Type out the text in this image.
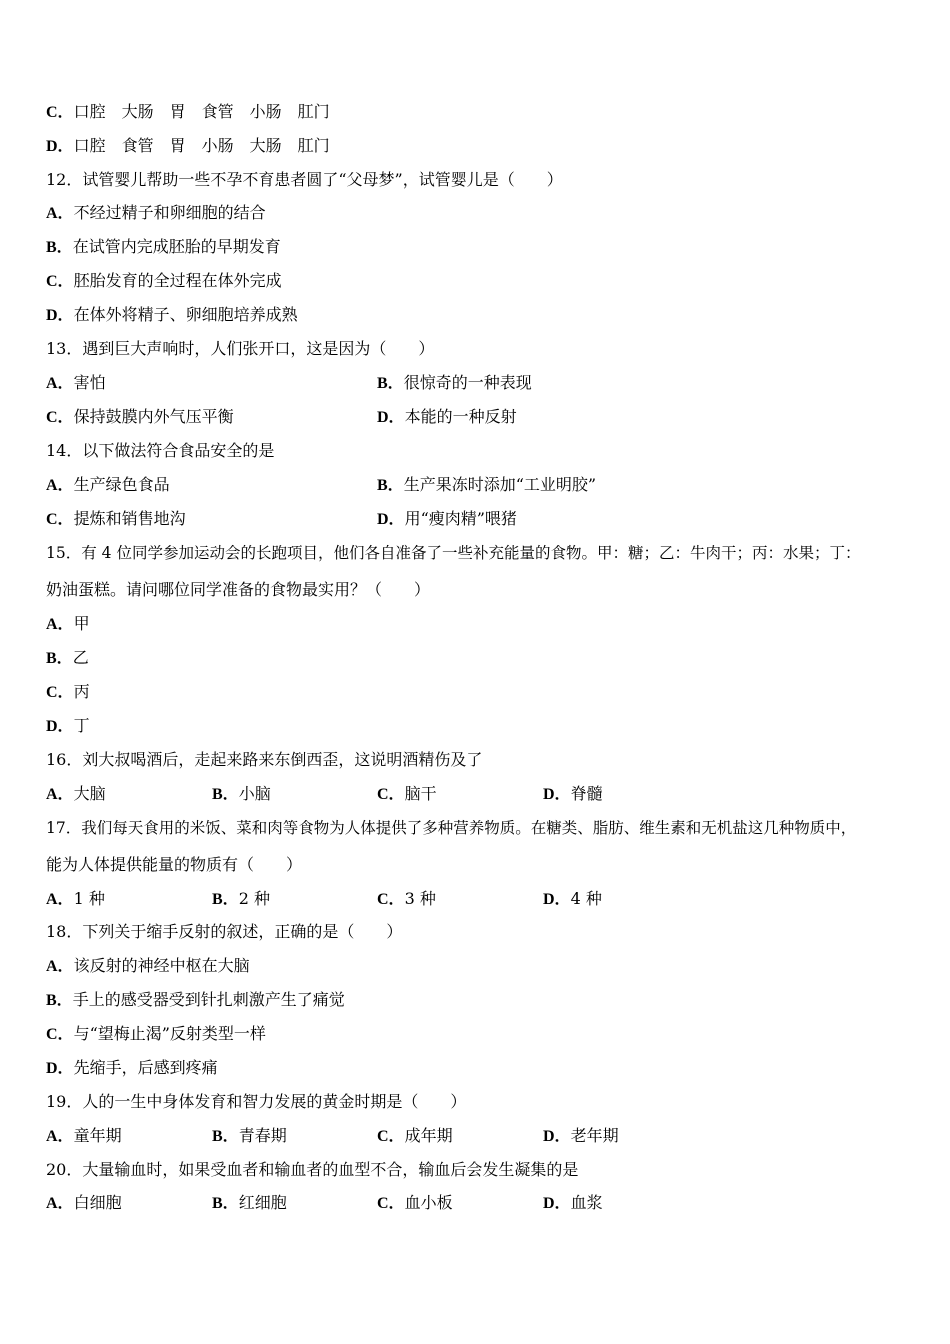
C．口腔　大肠　胃　食管　小肠　肛门
D．口腔　食管　胃　小肠　大肠　肛门
12．试管婴儿帮助一些不孕不育患者圆了“父母梦”，试管婴儿是（　　）
A．不经过精子和卵细胞的结合
B．在试管内完成胚胎的早期发育
C．胚胎发育的全过程在体外完成
D．在体外将精子、卵细胞培养成熟
13．遇到巨大声响时，人们张开口，这是因为（　　）
A．害怕	B．很惊奇的一种表现
C．保持鼓膜内外气压平衡	D．本能的一种反射
14．以下做法符合食品安全的是
A．生产绿色食品	B．生产果冻时添加“工业明胶”
C．提炼和销售地沟	D．用“瘦肉精”喂猪
15．有 4 位同学参加运动会的长跑项目，他们各自准备了一些补充能量的食物。甲：糖；乙：牛肉干；丙：水果；丁：
奶油蛋糕。请问哪位同学准备的食物最实用？（　　）
A．甲
B．乙
C．丙
D．丁
16．刘大叔喝酒后，走起来路来东倒西歪，这说明酒精伤及了
A．大脑	B．小脑	C．脑干	D．脊髓
17．我们每天食用的米饭、菜和肉等食物为人体提供了多种营养物质。在糖类、脂肪、维生素和无机盐这几种物质中，
能为人体提供能量的物质有（　　）
A．1 种	B．2 种	C．3 种	D．4 种
18．下列关于缩手反射的叙述，正确的是（　　）
A．该反射的神经中枢在大脑
B．手上的感受器受到针扎刺激产生了痛觉
C．与“望梅止渴”反射类型一样
D．先缩手，后感到疼痛
19．人的一生中身体发育和智力发展的黄金时期是（　　）
A．童年期	B．青春期	C．成年期	D．老年期
20．大量输血时，如果受血者和输血者的血型不合，输血后会发生凝集的是
A．白细胞	B．红细胞	C．血小板	D．血浆
